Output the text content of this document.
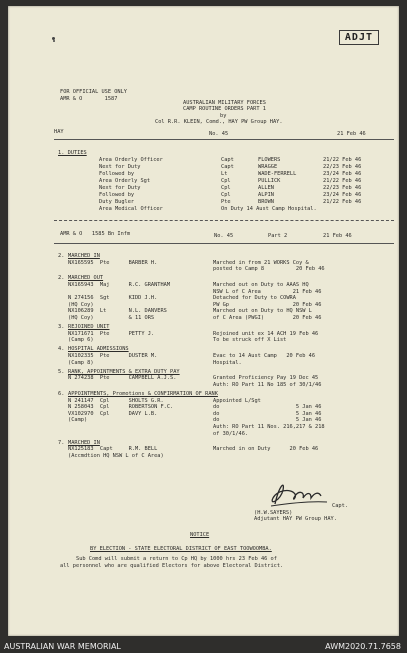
ADJT
FOR OFFICIAL USE ONLY
AMR & O       1587
AUSTRALIAN MILITARY FORCES
CAMP ROUTINE ORDERS PART 1
by
Col R.R. KLEIN, Comd., HAY PW Group HAY.
HAY	No. 45	21 Feb 46
1. DUTIES
Area Orderly Officer	Capt	FLOWERS	21/22 Feb 46
Next for Duty	Capt	WRAGGE	22/23 Feb 46
Followed by	Lt	WADE-FERRELL	23/24 Feb 46
Area Orderly Sgt	Cpl	PULLICK	21/22 Feb 46
Next for Duty	Cpl	ALLEN	22/23 Feb 46
Followed by	Cpl	ALPIN	23/24 Feb 46
Duty Bugler	Pte	BROWN	21/22 Feb 46
Area Medical Officer	On Duty 14 Aust Camp Hospital.
AMR & O   1585 Bn Infm	No. 45	Part 2	21 Feb 46
2. MARCHED IN
NX165595  Pte      BARBER H.	Marched in from 21 WORKS Coy &
posted to Camp 8          20 Feb 46
2. MARCHED OUT
NX165943  Maj      R.C. GRANTHAM	Marched out on Duty to AAAS HQ
NSW L of C Area          21 Feb 46
N 274156  Sgt      KIDD J.H.	Detached for Duty to COWRA
(HQ Coy)	PW Gp                    20 Feb 46
NX106289  Lt       N.L. DANVERS	Marched out on Duty to HQ NSW L
(HQ Coy)           & 11 ORS	of C Area (PWGI)         20 Feb 46
3. REJOINED UNIT
NX171671  Pte      PETTY J.	Rejoined unit ex 14 ACH 19 Feb 46
(Camp 6)	To be struck off X List
4. HOSPITAL ADMISSIONS
NX102335  Pte      DUSTER M.	Evac to 14 Aust Camp   20 Feb 46
(Camp 8)	Hospital.
5. RANK, APPOINTMENTS & EXTRA DUTY PAY
N 274238  Pte      CAMPBELL A.J.S.	Granted Proficiency Pay 19 Dec 45
Auth: RO Part 11 No 185 of 30/1/46
6. APPOINTMENTS, Promotions & CONFIRMATION OF RANK
N 241147  Cpl      SHOLTS G.R.	Appointed L/Sgt
N 258043  Cpl      ROBERTSON F.C.	do                        5 Jan 46
VX102970  Cpl      DAVY L.B.	do                        5 Jan 46
(Camp)	do                        5 Jan 46
Auth: RO Part 11 Nos. 216,217 & 218
of 30/1/46.
7. MARCHED IN
NX125183  Capt     R.M. BELL	Marched in on Duty      20 Feb 46
(Accmdtion HQ NSW L of C Area)
Capt.
(H.W.SAYERS)
Adjutant HAY PW Group HAY.
NOTICE
BY ELECTION - STATE ELECTORAL DISTRICT OF EAST TOOWOOMBA.
Sub Comd will submit a return to Cp HQ by 1000 hrs 23 Feb 46 of
all personnel who are qualified Electors for above Electoral District.
AUSTRALIAN WAR MEMORIAL	AWM2020.71.7658
